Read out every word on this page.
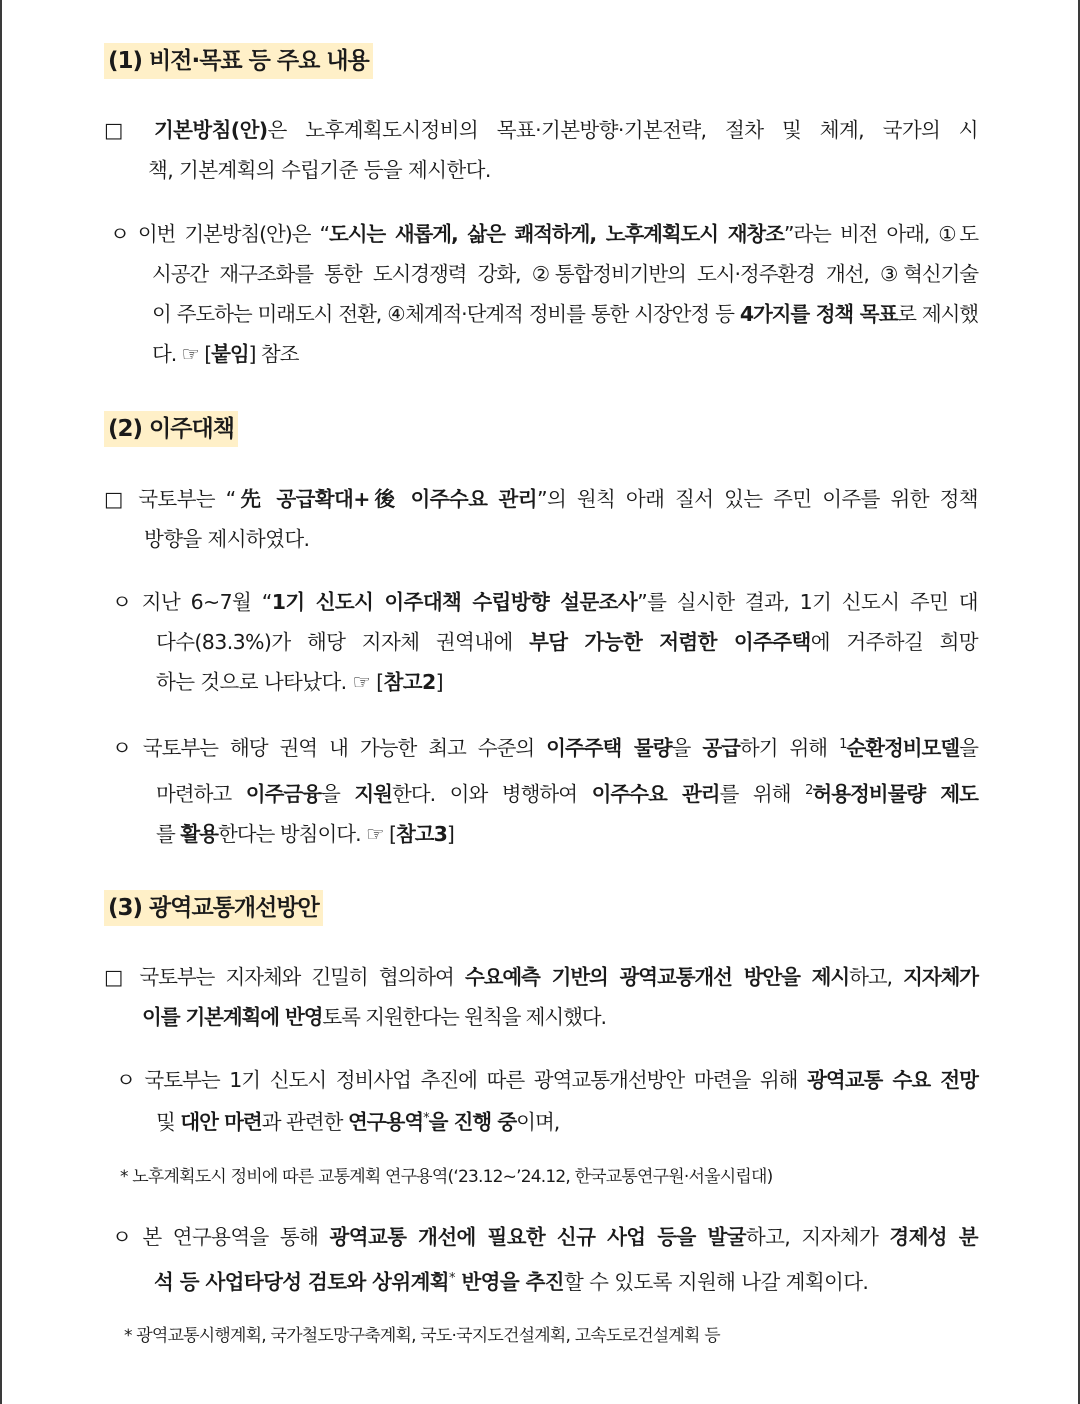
(1) 비전·목표 등 주요 내용
□ 기본방침(안)은 노후계획도시정비의 목표·기본방향·기본전략, 절차 및 체계, 국가의 시
책, 기본계획의 수립기준 등을 제시한다.
ㅇ 이번 기본방침(안)은 “도시는 새롭게, 삶은 쾌적하게, 노후계획도시 재창조”라는 비전 아래, ①도
시공간 재구조화를 통한 도시경쟁력 강화, ②통합정비기반의 도시·정주환경 개선, ③혁신기술
이 주도하는 미래도시 전환, ④체계적·단계적 정비를 통한 시장안정 등 4가지를 정책 목표로 제시했
다. ☞ [붙임] 참조
(2) 이주대책
□ 국토부는 “先 공급확대+後 이주수요 관리”의 원칙 아래 질서 있는 주민 이주를 위한 정책
방향을 제시하였다.
ㅇ 지난 6~7월 “1기 신도시 이주대책 수립방향 설문조사”를 실시한 결과, 1기 신도시 주민 대
다수(83.3%)가 해당 지자체 권역내에 부담 가능한 저렴한 이주주택에 거주하길 희망
하는 것으로 나타났다. ☞ [참고2]
ㅇ 국토부는 해당 권역 내 가능한 최고 수준의 이주주택 물량을 공급하기 위해 $^1$순환정비모델을
마련하고 이주금융을 지원한다. 이와 병행하여 이주수요 관리를 위해 $^2$허용정비물량 제도
를 활용한다는 방침이다. ☞ [참고3]
(3) 광역교통개선방안
□ 국토부는 지자체와 긴밀히 협의하여 수요예측 기반의 광역교통개선 방안을 제시하고, 지자체가
이를 기본계획에 반영토록 지원한다는 원칙을 제시했다.
ㅇ 국토부는 1기 신도시 정비사업 추진에 따른 광역교통개선방안 마련을 위해 광역교통 수요 전망
및 대안 마련과 관련한 연구용역*을 진행 중이며,
* 노후계획도시 정비에 따른 교통계획 연구용역(‘23.12~’24.12, 한국교통연구원·서울시립대)
ㅇ 본 연구용역을 통해 광역교통 개선에 필요한 신규 사업 등을 발굴하고, 지자체가 경제성 분
석 등 사업타당성 검토와 상위계획* 반영을 추진할 수 있도록 지원해 나갈 계획이다.
* 광역교통시행계획, 국가철도망구축계획, 국도·국지도건설계획, 고속도로건설계획 등
